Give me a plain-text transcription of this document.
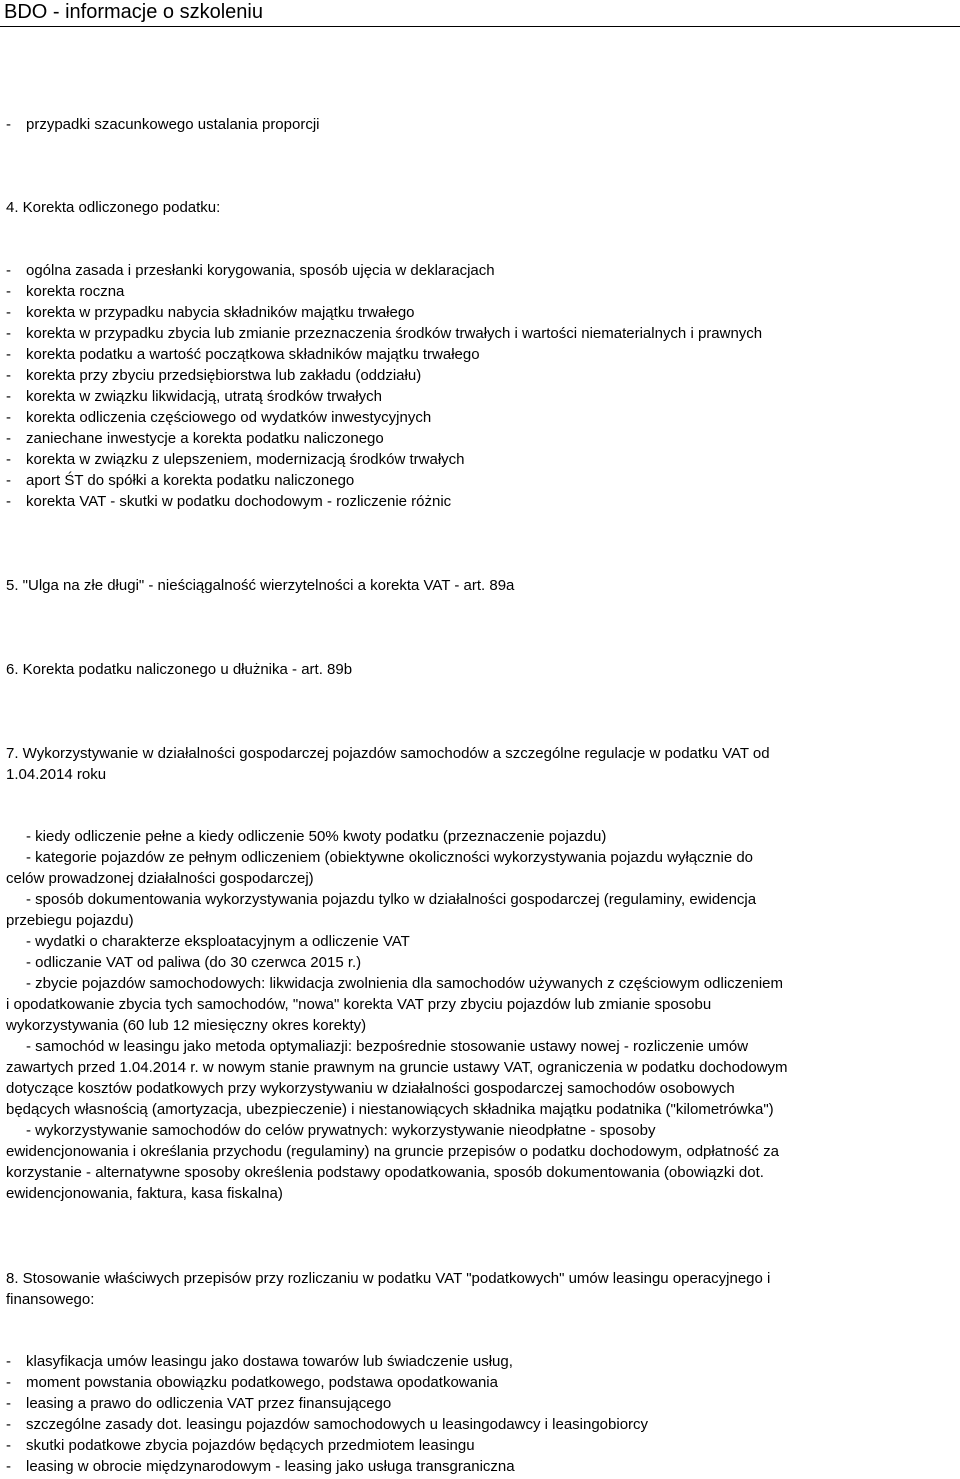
BDO - informacje o szkoleniu

- przypadki szacunkowego ustalania proporcji

4. Korekta odliczonego podatku:

- ogólna zasada i przesłanki korygowania, sposób ujęcia w deklaracjach

- korekta roczna

- korekta w przypadku nabycia składników majątku trwałego

- korekta w przypadku zbycia lub zmianie przeznaczenia środków trwałych i wartości niematerialnych i prawnych

- korekta podatku a wartość początkowa składników majątku trwałego

- korekta przy zbyciu przedsiębiorstwa lub zakładu (oddziału)

- korekta w związku likwidacją, utratą środków trwałych

- korekta odliczenia częściowego od wydatków inwestycyjnych

- zaniechane inwestycje a korekta podatku naliczonego

- korekta w związku z ulepszeniem, modernizacją środków trwałych

- aport ŚT do spółki a korekta podatku naliczonego

- korekta VAT - skutki w podatku dochodowym - rozliczenie różnic

5. "Ulga na złe długi" - nieściągalność wierzytelności a korekta VAT - art. 89a

6. Korekta podatku naliczonego u dłużnika - art. 89b

7. Wykorzystywanie w działalności gospodarczej pojazdów samochodów a szczególne regulacje w podatku VAT od

1.04.2014 roku

- kiedy odliczenie pełne a kiedy odliczenie 50% kwoty podatku (przeznaczenie pojazdu)

- kategorie pojazdów ze pełnym odliczeniem (obiektywne okoliczności wykorzystywania pojazdu wyłącznie do

celów prowadzonej działalności gospodarczej)

- sposób dokumentowania wykorzystywania pojazdu tylko w działalności gospodarczej (regulaminy, ewidencja

przebiegu pojazdu)

- wydatki o charakterze eksploatacyjnym a odliczenie VAT

- odliczanie VAT od paliwa (do 30 czerwca 2015 r.)

- zbycie pojazdów samochodowych: likwidacja zwolnienia dla samochodów używanych z częściowym odliczeniem

i opodatkowanie zbycia tych samochodów, "nowa" korekta VAT przy zbyciu pojazdów lub zmianie sposobu

wykorzystywania (60 lub 12 miesięczny okres korekty)

- samochód w leasingu jako metoda optymaliazji: bezpośrednie stosowanie ustawy nowej - rozliczenie umów

zawartych przed 1.04.2014 r. w nowym stanie prawnym na gruncie ustawy VAT, ograniczenia w podatku dochodowym

dotyczące kosztów podatkowych przy wykorzystywaniu w działalności gospodarczej samochodów osobowych

będących własnością (amortyzacja, ubezpieczenie) i niestanowiących składnika majątku podatnika ("kilometrówka")

- wykorzystywanie samochodów do celów prywatnych: wykorzystywanie nieodpłatne - sposoby

ewidencjonowania i określania przychodu (regulaminy) na gruncie przepisów o podatku dochodowym, odpłatność za

korzystanie - alternatywne sposoby określenia podstawy opodatkowania, sposób dokumentowania (obowiązki dot.

ewidencjonowania, faktura, kasa fiskalna)

8. Stosowanie właściwych przepisów przy rozliczaniu w podatku VAT "podatkowych" umów leasingu operacyjnego i

finansowego:

- klasyfikacja umów leasingu jako dostawa towarów lub świadczenie usług,

- moment powstania obowiązku podatkowego, podstawa opodatkowania

- leasing a prawo do odliczenia VAT przez finansującego

- szczególne zasady dot. leasingu pojazdów samochodowych u leasingodawcy i leasingobiorcy

- skutki podatkowe zbycia pojazdów będących przedmiotem leasingu

- leasing w obrocie międzynarodowym - leasing jako usługa transgraniczna
